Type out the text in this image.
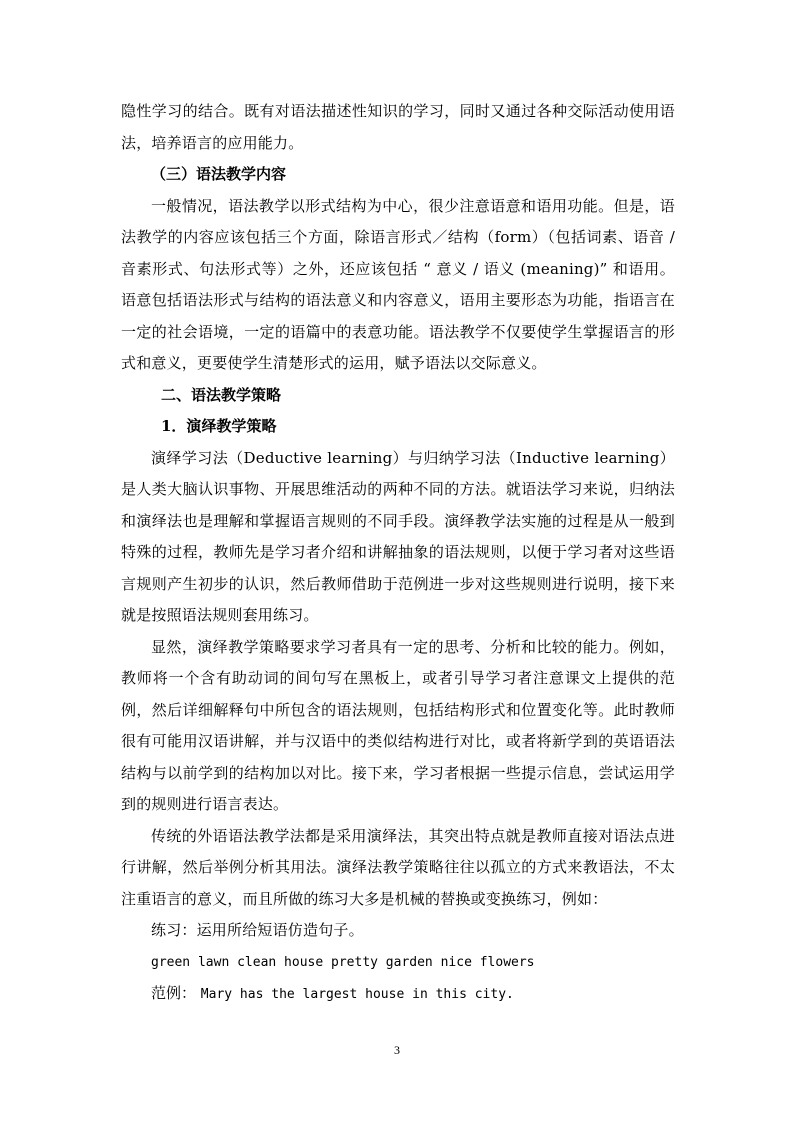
隐性学习的结合。既有对语法描述性知识的学习，同时又通过各种交际活动使用语法，培养语言的应用能力。

（三）语法教学内容

一般情况，语法教学以形式结构为中心，很少注意语意和语用功能。但是，语法教学的内容应该包括三个方面，除语言形式／结构（form）（包括词素、语音 / 音素形式、句法形式等）之外，还应该包括 “ 意义 / 语义 (meaning)” 和语用。语意包括语法形式与结构的语法意义和内容意义，语用主要形态为功能，指语言在一定的社会语境，一定的语篇中的表意功能。语法教学不仅要使学生掌握语言的形式和意义，更要使学生清楚形式的运用，赋予语法以交际意义。

二、语法教学策略

1．演绎教学策略

演绎学习法（Deductive learning）与归纳学习法（Inductive learning）是人类大脑认识事物、开展思维活动的两种不同的方法。就语法学习来说，归纳法和演绎法也是理解和掌握语言规则的不同手段。演绎教学法实施的过程是从一般到特殊的过程，教师先是学习者介绍和讲解抽象的语法规则，以便于学习者对这些语言规则产生初步的认识，然后教师借助于范例进一步对这些规则进行说明，接下来就是按照语法规则套用练习。

显然，演绎教学策略要求学习者具有一定的思考、分析和比较的能力。例如，教师将一个含有助动词的间句写在黑板上，或者引导学习者注意课文上提供的范例，然后详细解释句中所包含的语法规则，包括结构形式和位置变化等。此时教师很有可能用汉语讲解，并与汉语中的类似结构进行对比，或者将新学到的英语语法结构与以前学到的结构加以对比。接下来，学习者根据一些提示信息，尝试运用学到的规则进行语言表达。

传统的外语语法教学法都是采用演绎法，其突出特点就是教师直接对语法点进行讲解，然后举例分析其用法。演绎法教学策略往往以孤立的方式来教语法，不太注重语言的意义，而且所做的练习大多是机械的替换或变换练习，例如：

练习：运用所给短语仿造句子。

green lawn clean house pretty garden nice flowers

范例： Mary has the largest house in this city.

3
